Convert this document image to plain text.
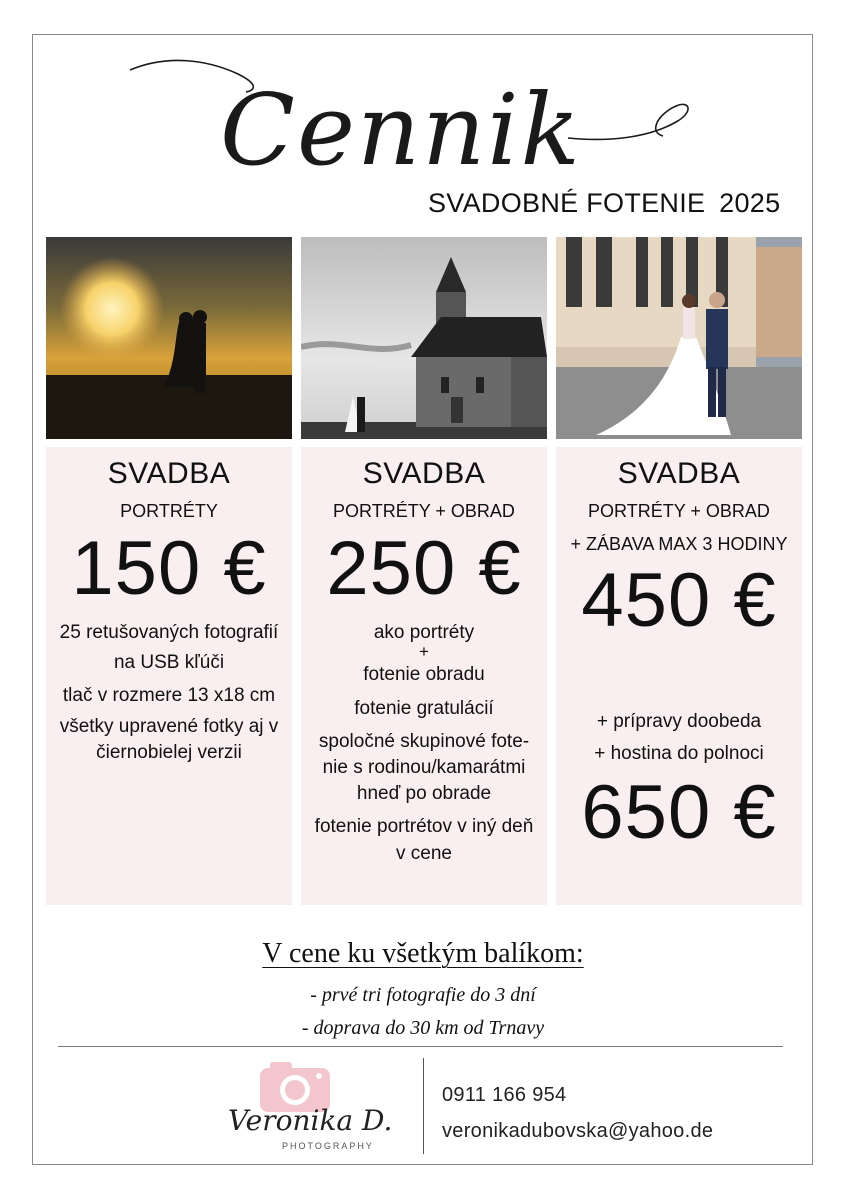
Cennik
SVADOBNÉ FOTENIE 2025
SVADBA
PORTRÉTY
150 €
25 retušovaných fotografií
na USB kľúči
tlač v rozmere 13 x18 cm
všetky upravené fotky aj v
čiernobielej verzii
SVADBA
PORTRÉTY + OBRAD
250 €
ako portréty
+
fotenie obradu
fotenie gratulácií
spoločné skupinové fote-
nie s rodinou/kamarátmi
hneď po obrade
fotenie portrétov v iný deň
v cene
SVADBA
PORTRÉTY + OBRAD
+ ZÁBAVA MAX 3 HODINY
450 €
+ prípravy doobeda
+ hostina do polnoci
650 €
V cene ku všetkým balíkom:
- prvé tri fotografie do 3 dní
- doprava do 30 km od Trnavy
Veronika D.
PHOTOGRAPHY
0911 166 954
veronikadubovska@yahoo.de
